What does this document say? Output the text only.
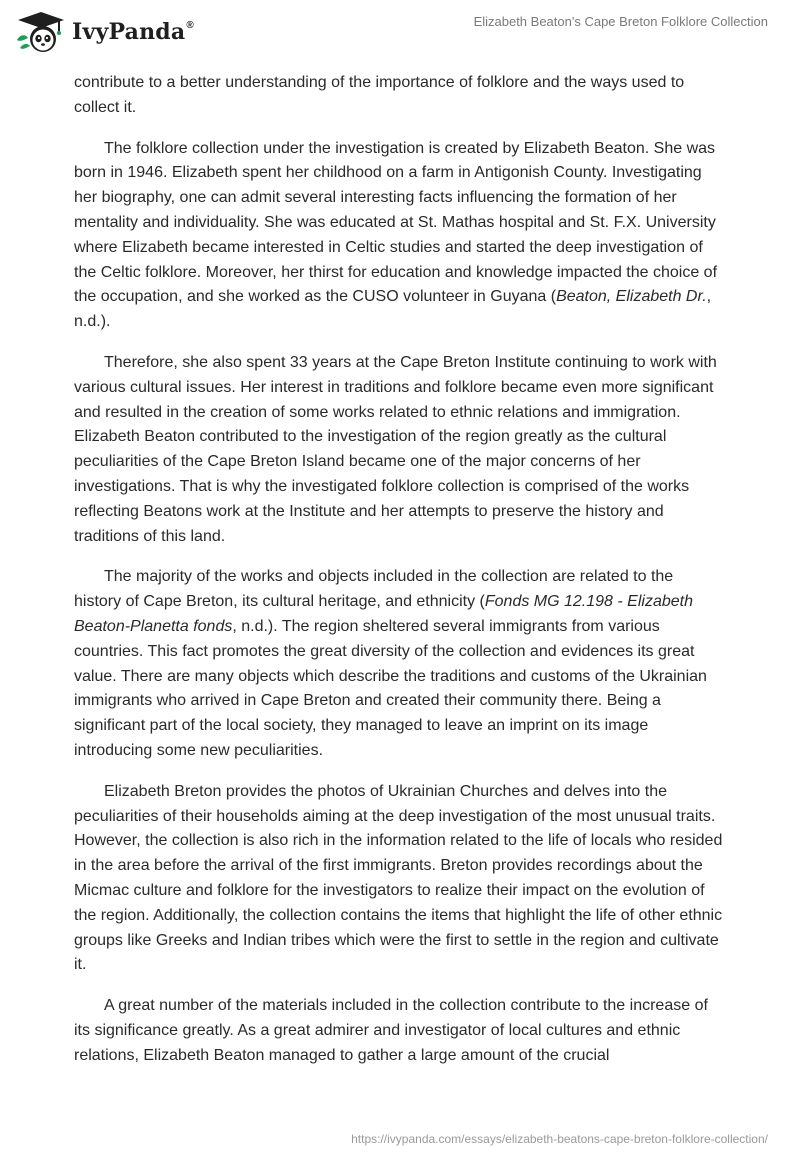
IvyPanda®	Elizabeth Beaton's Cape Breton Folklore Collection

contribute to a better understanding of the importance of folklore and the ways used to collect it.

The folklore collection under the investigation is created by Elizabeth Beaton. She was born in 1946. Elizabeth spent her childhood on a farm in Antigonish County. Investigating her biography, one can admit several interesting facts influencing the formation of her mentality and individuality. She was educated at St. Mathas hospital and St. F.X. University where Elizabeth became interested in Celtic studies and started the deep investigation of the Celtic folklore. Moreover, her thirst for education and knowledge impacted the choice of the occupation, and she worked as the CUSO volunteer in Guyana (Beaton, Elizabeth Dr., n.d.).

Therefore, she also spent 33 years at the Cape Breton Institute continuing to work with various cultural issues. Her interest in traditions and folklore became even more significant and resulted in the creation of some works related to ethnic relations and immigration. Elizabeth Beaton contributed to the investigation of the region greatly as the cultural peculiarities of the Cape Breton Island became one of the major concerns of her investigations. That is why the investigated folklore collection is comprised of the works reflecting Beatons work at the Institute and her attempts to preserve the history and traditions of this land.

The majority of the works and objects included in the collection are related to the history of Cape Breton, its cultural heritage, and ethnicity (Fonds MG 12.198 - Elizabeth Beaton-Planetta fonds, n.d.). The region sheltered several immigrants from various countries. This fact promotes the great diversity of the collection and evidences its great value. There are many objects which describe the traditions and customs of the Ukrainian immigrants who arrived in Cape Breton and created their community there. Being a significant part of the local society, they managed to leave an imprint on its image introducing some new peculiarities.

Elizabeth Breton provides the photos of Ukrainian Churches and delves into the peculiarities of their households aiming at the deep investigation of the most unusual traits. However, the collection is also rich in the information related to the life of locals who resided in the area before the arrival of the first immigrants. Breton provides recordings about the Micmac culture and folklore for the investigators to realize their impact on the evolution of the region. Additionally, the collection contains the items that highlight the life of other ethnic groups like Greeks and Indian tribes which were the first to settle in the region and cultivate it.

A great number of the materials included in the collection contribute to the increase of its significance greatly. As a great admirer and investigator of local cultures and ethnic relations, Elizabeth Beaton managed to gather a large amount of the crucial

https://ivypanda.com/essays/elizabeth-beatons-cape-breton-folklore-collection/
